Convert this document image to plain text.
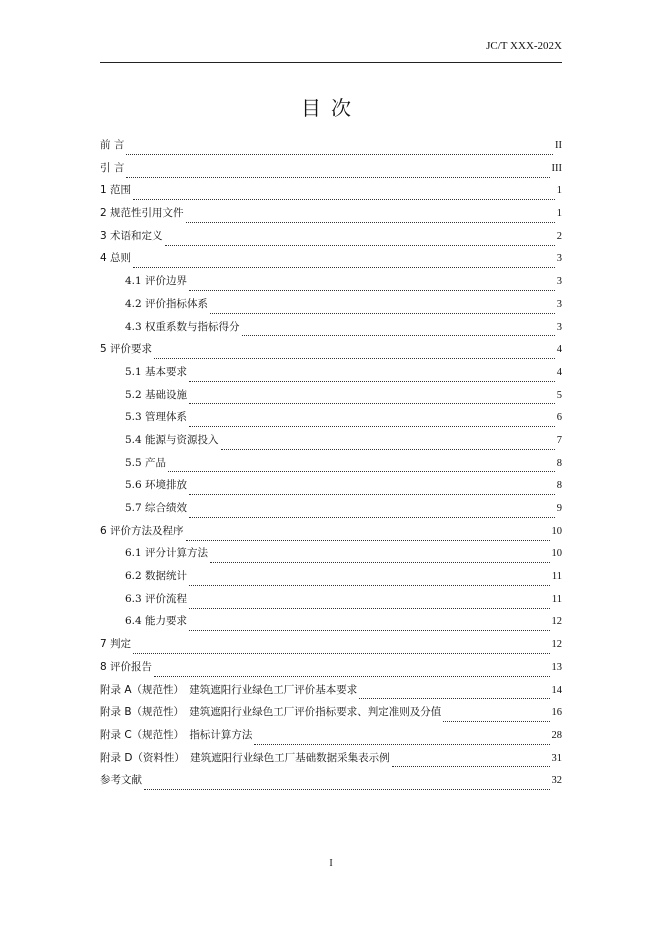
JC/T XXX-202X
目次
前 言	II
引 言	III
1 范围	1
2 规范性引用文件	1
3 术语和定义	2
4 总则	3
4.1 评价边界	3
4.2 评价指标体系	3
4.3 权重系数与指标得分	3
5 评价要求	4
5.1 基本要求	4
5.2 基础设施	5
5.3 管理体系	6
5.4 能源与资源投入	7
5.5 产品	8
5.6 环境排放	8
5.7 综合绩效	9
6 评价方法及程序	10
6.1 评分计算方法	10
6.2 数据统计	11
6.3 评价流程	11
6.4 能力要求	12
7 判定	12
8 评价报告	13
附录 A（规范性）　建筑遮阳行业绿色工厂评价基本要求	14
附录 B（规范性）　建筑遮阳行业绿色工厂评价指标要求、判定准则及分值	16
附录 C（规范性）　指标计算方法	28
附录 D（资料性）　建筑遮阳行业绿色工厂基础数据采集表示例	31
参考文献	32
I
